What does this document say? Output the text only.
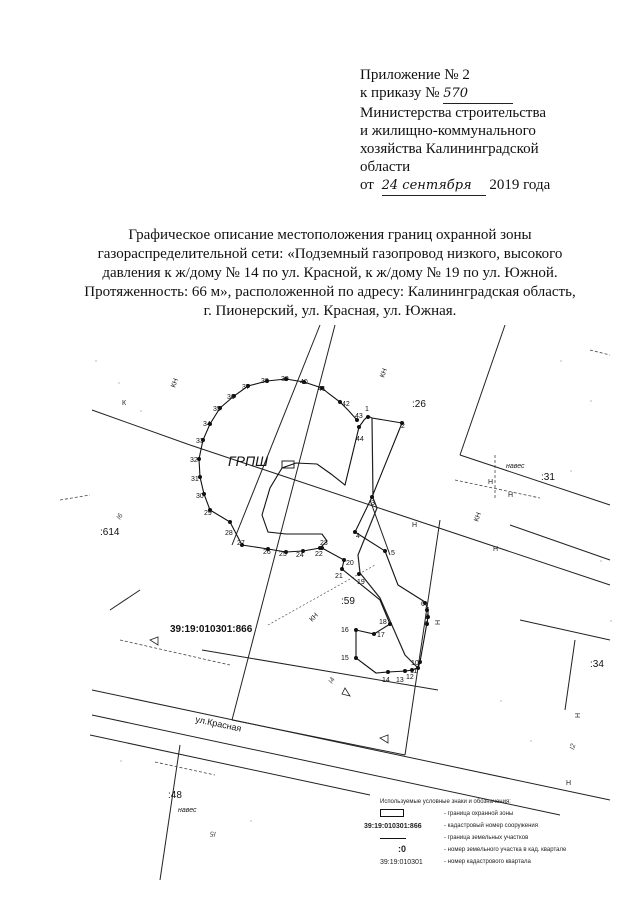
Приложение № 2
к приказу № 570
Министерства строительства
и жилищно-коммунального
хозяйства Калининградской
области
от 24 сентября 2019 года
Графическое описание местоположения границ охранной зоны
газораспределительной сети: «Подземный газопровод низкого, высокого
давления к ж/дому № 14 по ул. Красной, к ж/дому № 19 по ул. Южной.
Протяженность: 66 м», расположенной по адресу: Калининградская область,
г. Пионерский, ул. Красная, ул. Южная.
1
2
3
4
5
6
7
8
9
10
11
12
13
14
15
16
17
18
19
20
21
22
23
24
25
26
27
28
29
30
31
32
33
34
35
36
37
38 39 40
41
42
43
44
ГРПШ
39:19:010301:866
ул.Красная
:26
:31
:614
:59
:34
:48
КН
КН
К
Н
Н
Н
КН
Н
КН	Н
Н
Н
навес
навес
I6
I4
I2
I5
Используемые условные знаки и обозначения:
- граница охранной зоны
39:19:010301:866	- кадастровый номер сооружения
- граница земельных участков
:0	- номер земельного участка в кад. квартале
39:19:010301	- номер кадастрового квартала
